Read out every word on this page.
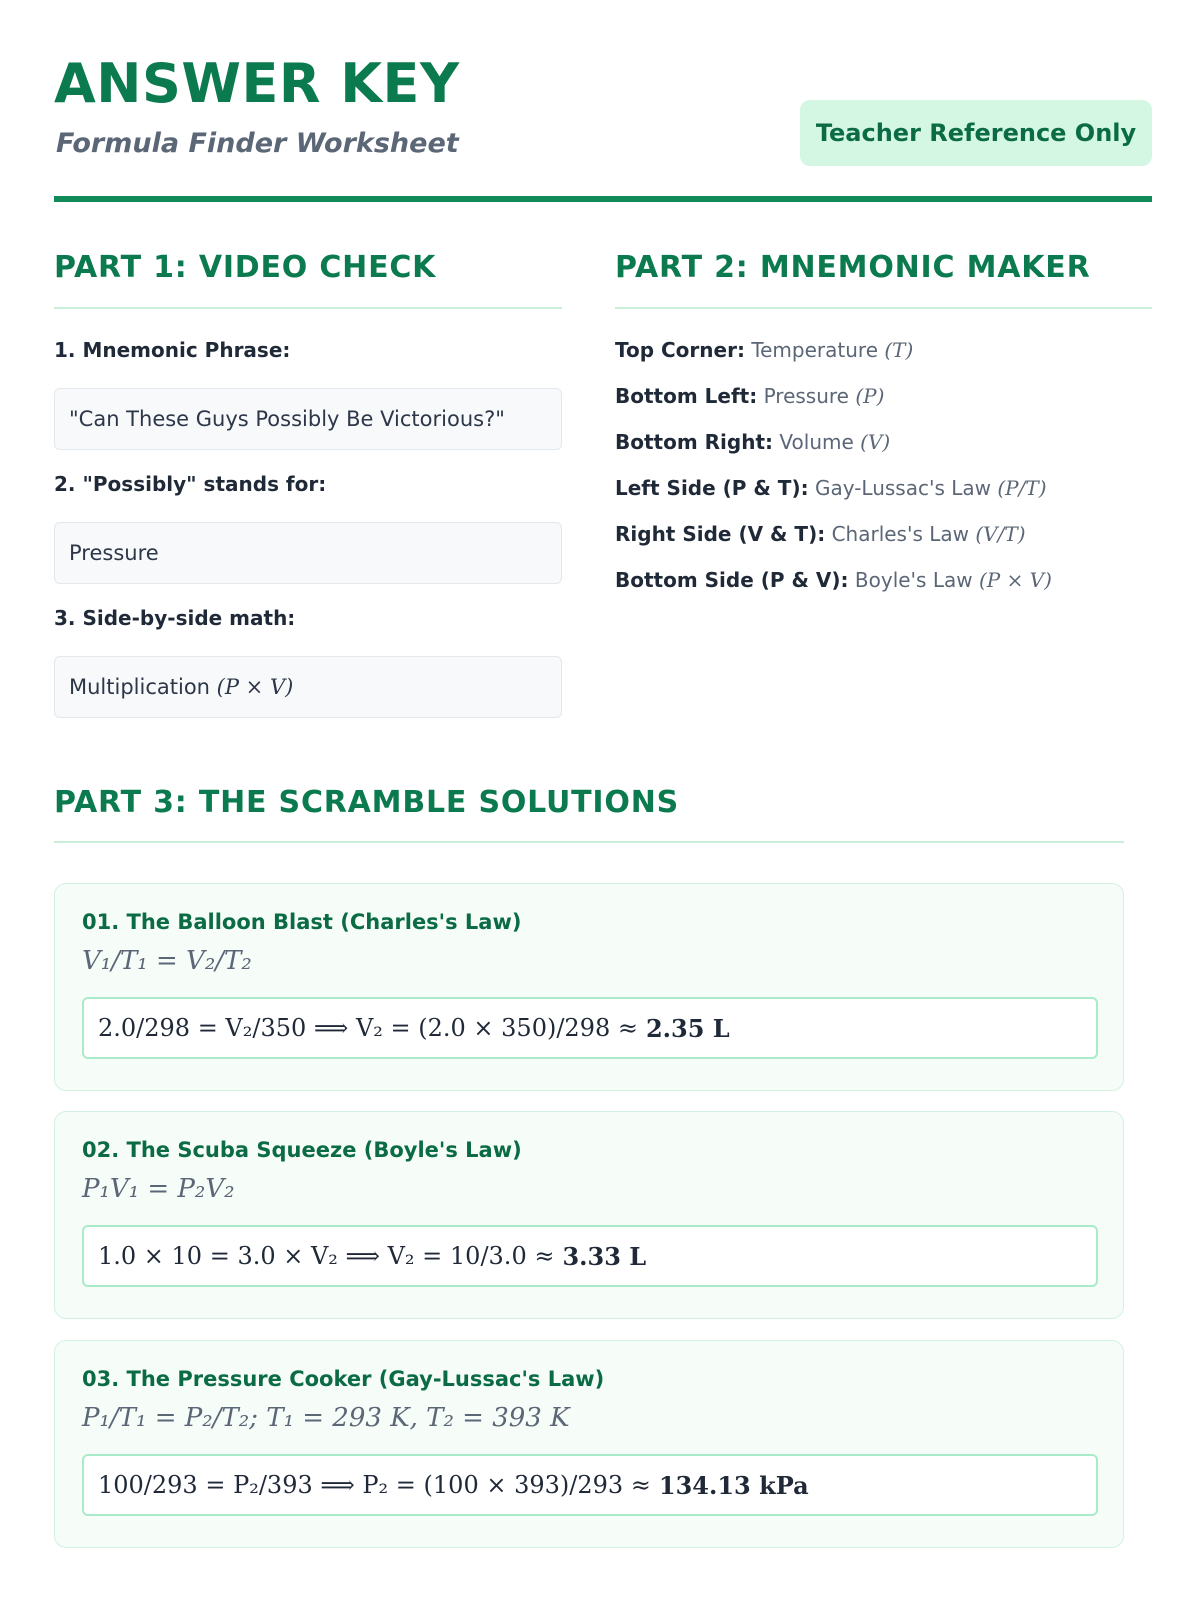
ANSWER KEY
Formula Finder Worksheet	Teacher Reference Only
PART 1: VIDEO CHECK
1. Mnemonic Phrase:
"Can These Guys Possibly Be Victorious?"
2. "Possibly" stands for:
Pressure
3. Side-by-side math:
Multiplication
(P × V)
PART 2: MNEMONIC MAKER
Top Corner: Temperature (T)
Bottom Left: Pressure (P)
Bottom Right: Volume (V)
Left Side (P & T): Gay-Lussac's Law (P/T)
Right Side (V & T): Charles's Law (V/T)
Bottom Side (P & V): Boyle's Law (P × V)
PART 3: THE SCRAMBLE SOLUTIONS
01. The Balloon Blast (Charles's Law)
V₁/T₁ = V₂/T₂
2.0/298 = V₂/350 ⟹ V₂ = (2.0 × 350)/298 ≈ 2.35 L
02. The Scuba Squeeze (Boyle's Law)
P₁V₁ = P₂V₂
1.0 × 10 = 3.0 × V₂ ⟹ V₂ = 10/3.0 ≈ 3.33 L
03. The Pressure Cooker (Gay-Lussac's Law)
P₁/T₁ = P₂/T₂; T₁ = 293 K, T₂ = 393 K
100/293 = P₂/393 ⟹ P₂ = (100 × 393)/293 ≈ 134.13 kPa
